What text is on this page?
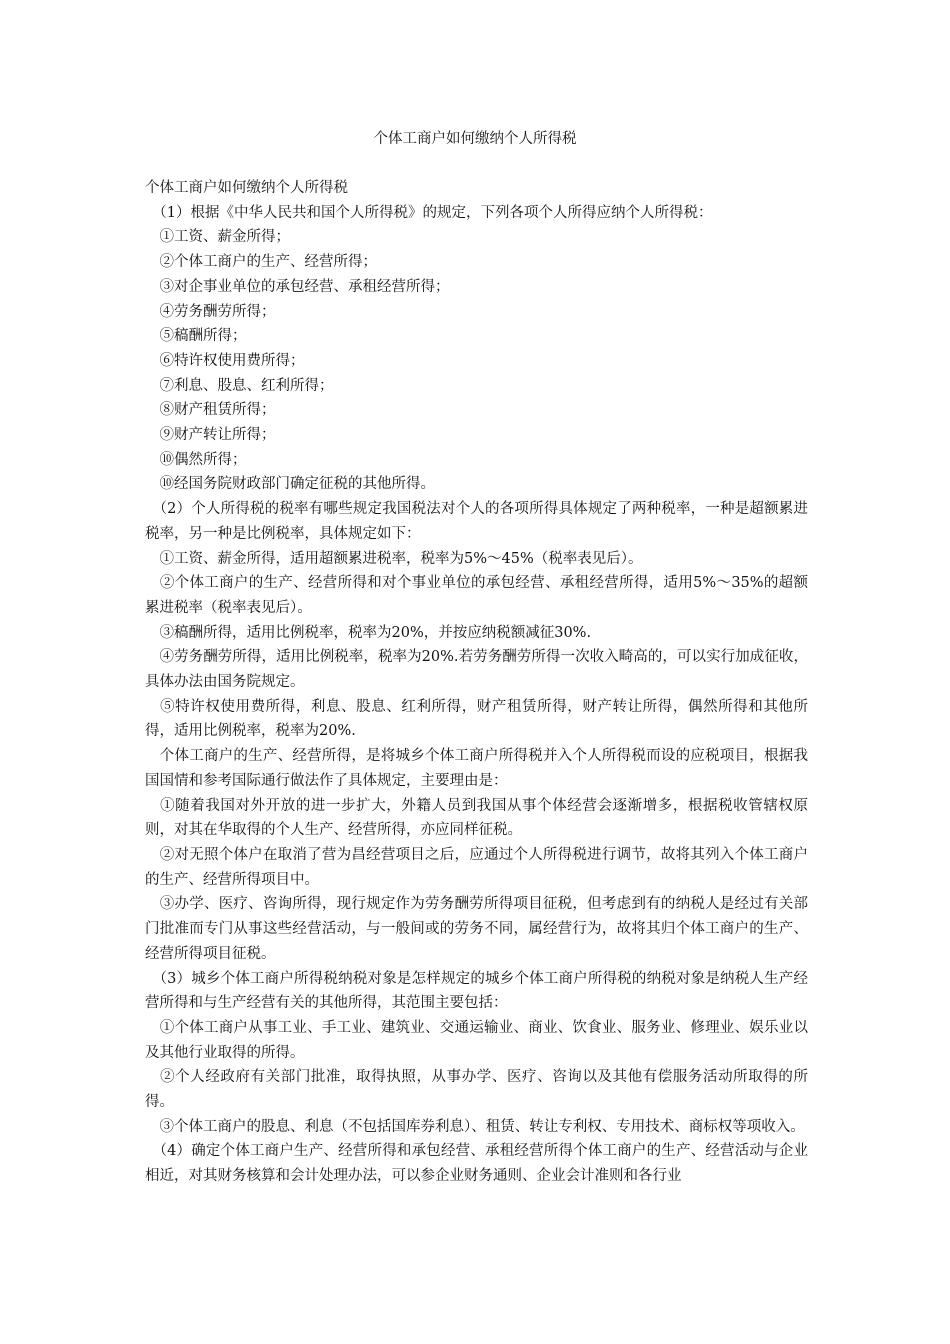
个体工商户如何缴纳个人所得税

个体工商户如何缴纳个人所得税

　（1）根据《中华人民共和国个人所得税》的规定，下列各项个人所得应纳个人所得税：

　①工资、薪金所得；

　②个体工商户的生产、经营所得；

　③对企事业单位的承包经营、承租经营所得；

　④劳务酬劳所得；

　⑤稿酬所得；

　⑥特许权使用费所得；

　⑦利息、股息、红利所得；

　⑧财产租赁所得；

　⑨财产转让所得；

　⑩偶然所得；

　⑩经国务院财政部门确定征税的其他所得。

　（2）个人所得税的税率有哪些规定我国税法对个人的各项所得具体规定了两种税率，一种是超额累进税率，另一种是比例税率，具体规定如下：

　①工资、薪金所得，适用超额累进税率，税率为5%～45%（税率表见后）。

　②个体工商户的生产、经营所得和对个事业单位的承包经营、承租经营所得，适用5%～35%的超额累进税率（税率表见后）。

　③稿酬所得，适用比例税率，税率为20%，并按应纳税额减征30%.

　④劳务酬劳所得，适用比例税率，税率为20%.若劳务酬劳所得一次收入畸高的，可以实行加成征收，具体办法由国务院规定。

　⑤特许权使用费所得，利息、股息、红利所得，财产租赁所得，财产转让所得，偶然所得和其他所得，适用比例税率，税率为20%.

　个体工商户的生产、经营所得，是将城乡个体工商户所得税并入个人所得税而设的应税项目，根据我国国情和参考国际通行做法作了具体规定，主要理由是：

　①随着我国对外开放的进一步扩大，外籍人员到我国从事个体经营会逐渐增多，根据税收管辖权原则，对其在华取得的个人生产、经营所得，亦应同样征税。

　②对无照个体户在取消了营为昌经营项目之后，应通过个人所得税进行调节，故将其列入个体工商户的生产、经营所得项目中。

　③办学、医疗、咨询所得，现行规定作为劳务酬劳所得项目征税，但考虑到有的纳税人是经过有关部门批准而专门从事这些经营活动，与一般间或的劳务不同，属经营行为，故将其归个体工商户的生产、经营所得项目征税。

　（3）城乡个体工商户所得税纳税对象是怎样规定的城乡个体工商户所得税的纳税对象是纳税人生产经营所得和与生产经营有关的其他所得，其范围主要包括：

　①个体工商户从事工业、手工业、建筑业、交通运输业、商业、饮食业、服务业、修理业、娱乐业以及其他行业取得的所得。

　②个人经政府有关部门批准，取得执照，从事办学、医疗、咨询以及其他有偿服务活动所取得的所得。

　③个体工商户的股息、利息（不包括国库券利息）、租赁、转让专利权、专用技术、商标权等项收入。

　（4）确定个体工商户生产、经营所得和承包经营、承租经营所得个体工商户的生产、经营活动与企业相近，对其财务核算和会计处理办法，可以参企业财务通则、企业会计准则和各行业
